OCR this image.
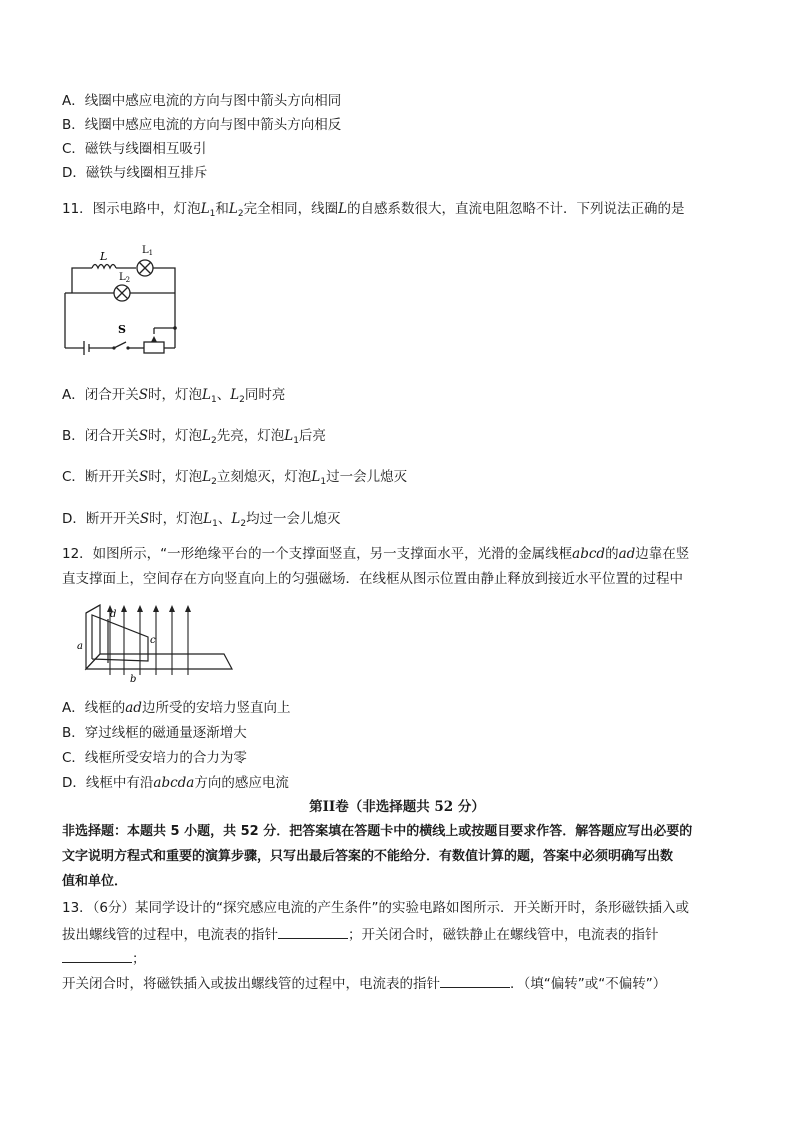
A．线圈中感应电流的方向与图中箭头方向相同
B．线圈中感应电流的方向与图中箭头方向相反
C．磁铁与线圈相互吸引
D．磁铁与线圈相互排斥
11．图示电路中，灯泡$L_1$和$L_2$完全相同，线圈L的自感系数很大，直流电阻忽略不计．下列说法正确的是
L	$L_1$
$L_2$
S
A．闭合开关S时，灯泡$L_1$、$L_2$同时亮
B．闭合开关S时，灯泡$L_2$先亮，灯泡$L_1$后亮
C．断开开关S时，灯泡$L_2$立刻熄灭，灯泡$L_1$过一会儿熄灭
D．断开开关S时，灯泡$L_1$、$L_2$均过一会儿熄灭
12．如图所示，“一形绝缘平台的一个支撑面竖直，另一支撑面水平，光滑的金属线框abcd的ad边靠在竖
直支撑面上，空间存在方向竖直向上的匀强磁场．在线框从图示位置由静止释放到接近水平位置的过程中
a
b
c
d
A．线框的ad边所受的安培力竖直向上
B．穿过线框的磁通量逐渐增大
C．线框所受安培力的合力为零
D．线框中有沿abcda方向的感应电流
第II卷（非选择题共 52 分）
非选择题：本题共 5 小题，共 52 分．把答案填在答题卡中的横线上或按题目要求作答．解答题应写出必要的
文字说明方程式和重要的演算步骤，只写出最后答案的不能给分．有数值计算的题，答案中必须明确写出数
值和单位．
13．（6分）某同学设计的“探究感应电流的产生条件”的实验电路如图所示．开关断开时，条形磁铁插入或
拔出螺线管的过程中，电流表的指针	；开关闭合时，磁铁静止在螺线管中，电流表的指针
；
开关闭合时，将磁铁插入或拔出螺线管的过程中，电流表的指针	．（填“偏转”或“不偏转”）
